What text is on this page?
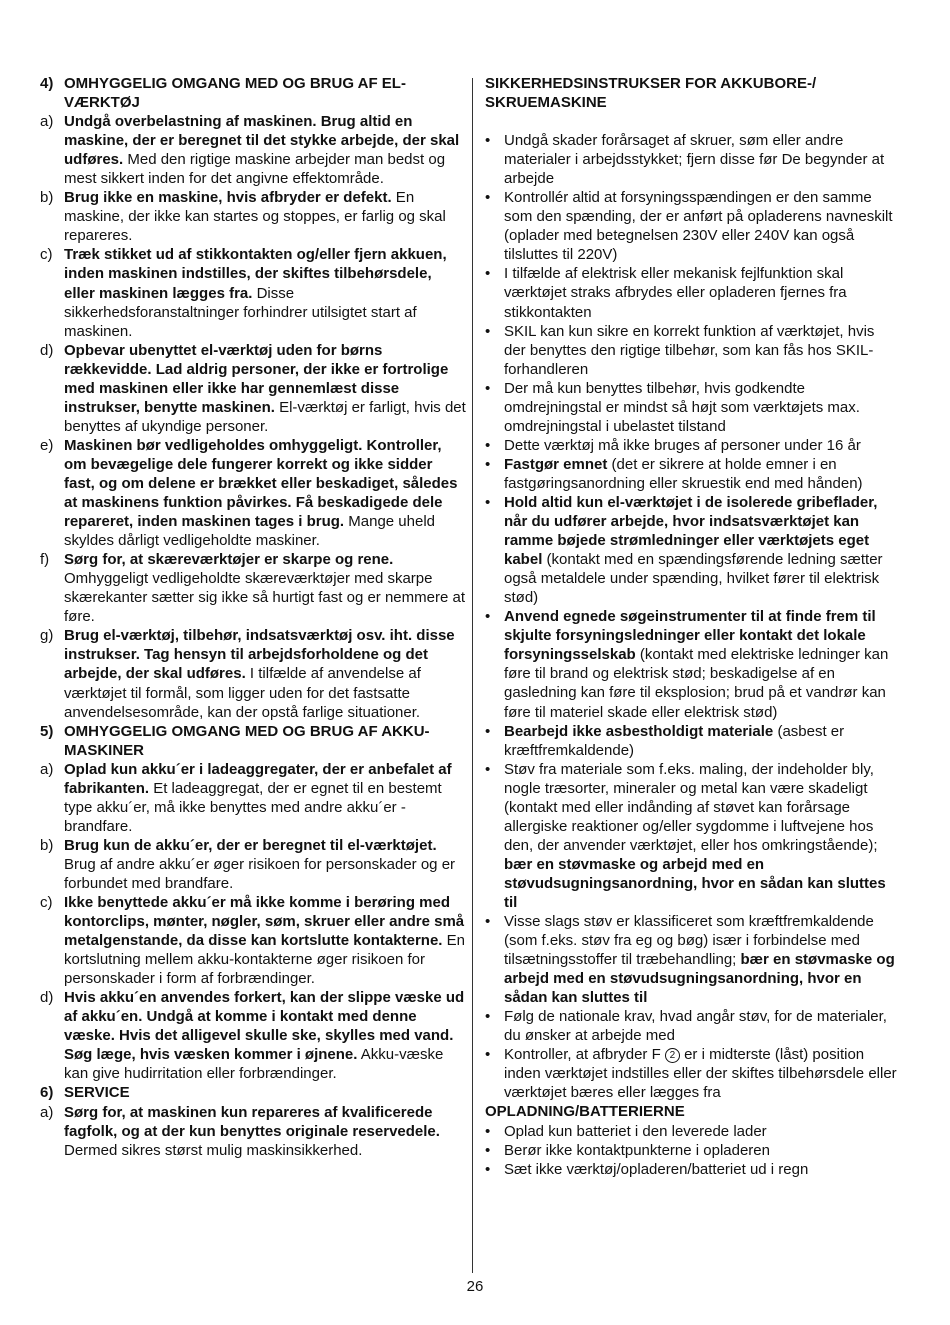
4) OMHYGGELIG OMGANG MED OG BRUG AF EL-VÆRKTØJ
a) Undgå overbelastning af maskinen. Brug altid en maskine, der er beregnet til det stykke arbejde, der skal udføres. Med den rigtige maskine arbejder man bedst og mest sikkert inden for det angivne effektområde.
b) Brug ikke en maskine, hvis afbryder er defekt. En maskine, der ikke kan startes og stoppes, er farlig og skal repareres.
c) Træk stikket ud af stikkontakten og/eller fjern akkuen, inden maskinen indstilles, der skiftes tilbehørsdele, eller maskinen lægges fra. Disse sikkerhedsforanstaltninger forhindrer utilsigtet start af maskinen.
d) Opbevar ubenyttet el-værktøj uden for børns rækkevidde. Lad aldrig personer, der ikke er fortrolige med maskinen eller ikke har gennemlæst disse instrukser, benytte maskinen. El-værktøj er farligt, hvis det benyttes af ukyndige personer.
e) Maskinen bør vedligeholdes omhyggeligt. Kontroller, om bevægelige dele fungerer korrekt og ikke sidder fast, og om delene er brækket eller beskadiget, således at maskinens funktion påvirkes. Få beskadigede dele repareret, inden maskinen tages i brug. Mange uheld skyldes dårligt vedligeholdte maskiner.
f) Sørg for, at skæreværktøjer er skarpe og rene. Omhyggeligt vedligeholdte skæreværktøjer med skarpe skærekanter sætter sig ikke så hurtigt fast og er nemmere at føre.
g) Brug el-værktøj, tilbehør, indsatsværktøj osv. iht. disse instrukser. Tag hensyn til arbejdsforholdene og det arbejde, der skal udføres. I tilfælde af anvendelse af værktøjet til formål, som ligger uden for det fastsatte anvendelsesområde, kan der opstå farlige situationer.
5) OMHYGGELIG OMGANG MED OG BRUG AF AKKU-MASKINER
a) Oplad kun akku´er i ladeaggregater, der er anbefalet af fabrikanten. Et ladeaggregat, der er egnet til en bestemt type akku´er, må ikke benyttes med andre akku´er - brandfare.
b) Brug kun de akku´er, der er beregnet til el-værktøjet. Brug af andre akku´er øger risikoen for personskader og er forbundet med brandfare.
c) Ikke benyttede akku´er må ikke komme i berøring med kontorclips, mønter, nøgler, søm, skruer eller andre små metalgenstande, da disse kan kortslutte kontakterne. En kortslutning mellem akku-kontakterne øger risikoen for personskader i form af forbrændinger.
d) Hvis akku´en anvendes forkert, kan der slippe væske ud af akku´en. Undgå at komme i kontakt med denne væske. Hvis det alligevel skulle ske, skylles med vand. Søg læge, hvis væsken kommer i øjnene. Akku-væske kan give hudirritation eller forbrændinger.
6) SERVICE
a) Sørg for, at maskinen kun repareres af kvalificerede fagfolk, og at der kun benyttes originale reservedele. Dermed sikres størst mulig maskinsikkerhed.
SIKKERHEDSINSTRUKSER FOR AKKUBORE-/ SKRUEMASKINE
• Undgå skader forårsaget af skruer, søm eller andre materialer i arbejdsstykket; fjern disse før De begynder at arbejde
• Kontrollér altid at forsyningsspændingen er den samme som den spænding, der er anført på opladerens navneskilt (oplader med betegnelsen 230V eller 240V kan også tilsluttes til 220V)
• I tilfælde af elektrisk eller mekanisk fejlfunktion skal værktøjet straks afbrydes eller opladeren fjernes fra stikkontakten
• SKIL kan kun sikre en korrekt funktion af værktøjet, hvis der benyttes den rigtige tilbehør, som kan fås hos SKIL-forhandleren
• Der må kun benyttes tilbehør, hvis godkendte omdrejningstal er mindst så højt som værktøjets max. omdrejningstal i ubelastet tilstand
• Dette værktøj må ikke bruges af personer under 16 år
• Fastgør emnet (det er sikrere at holde emner i en fastgøringsanordning eller skruestik end med hånden)
• Hold altid kun el-værktøjet i de isolerede gribeflader, når du udfører arbejde, hvor indsatsværktøjet kan ramme bøjede strømledninger eller værktøjets eget kabel (kontakt med en spændingsførende ledning sætter også metaldele under spænding, hvilket fører til elektrisk stød)
• Anvend egnede søgeinstrumenter til at finde frem til skjulte forsyningsledninger eller kontakt det lokale forsyningsselskab (kontakt med elektriske ledninger kan føre til brand og elektrisk stød; beskadigelse af en gasledning kan føre til eksplosion; brud på et vandrør kan føre til materiel skade eller elektrisk stød)
• Bearbejd ikke asbestholdigt materiale (asbest er kræftfremkaldende)
• Støv fra materiale som f.eks. maling, der indeholder bly, nogle træsorter, mineraler og metal kan være skadeligt (kontakt med eller indånding af støvet kan forårsage allergiske reaktioner og/eller sygdomme i luftvejene hos den, der anvender værktøjet, eller hos omkringstående); bær en støvmaske og arbejd med en støvudsugningsanordning, hvor en sådan kan sluttes til
• Visse slags støv er klassificeret som kræftfremkaldende (som f.eks. støv fra eg og bøg) især i forbindelse med tilsætningsstoffer til træbehandling; bær en støvmaske og arbejd med en støvudsugningsanordning, hvor en sådan kan sluttes til
• Følg de nationale krav, hvad angår støv, for de materialer, du ønsker at arbejde med
• Kontroller, at afbryder F 2 er i midterste (låst) position inden værktøjet indstilles eller der skiftes tilbehørsdele eller værktøjet bæres eller lægges fra
OPLADNING/BATTERIERNE
• Oplad kun batteriet i den leverede lader
• Berør ikke kontaktpunkterne i opladeren
• Sæt ikke værktøj/opladeren/batteriet ud i regn
26
